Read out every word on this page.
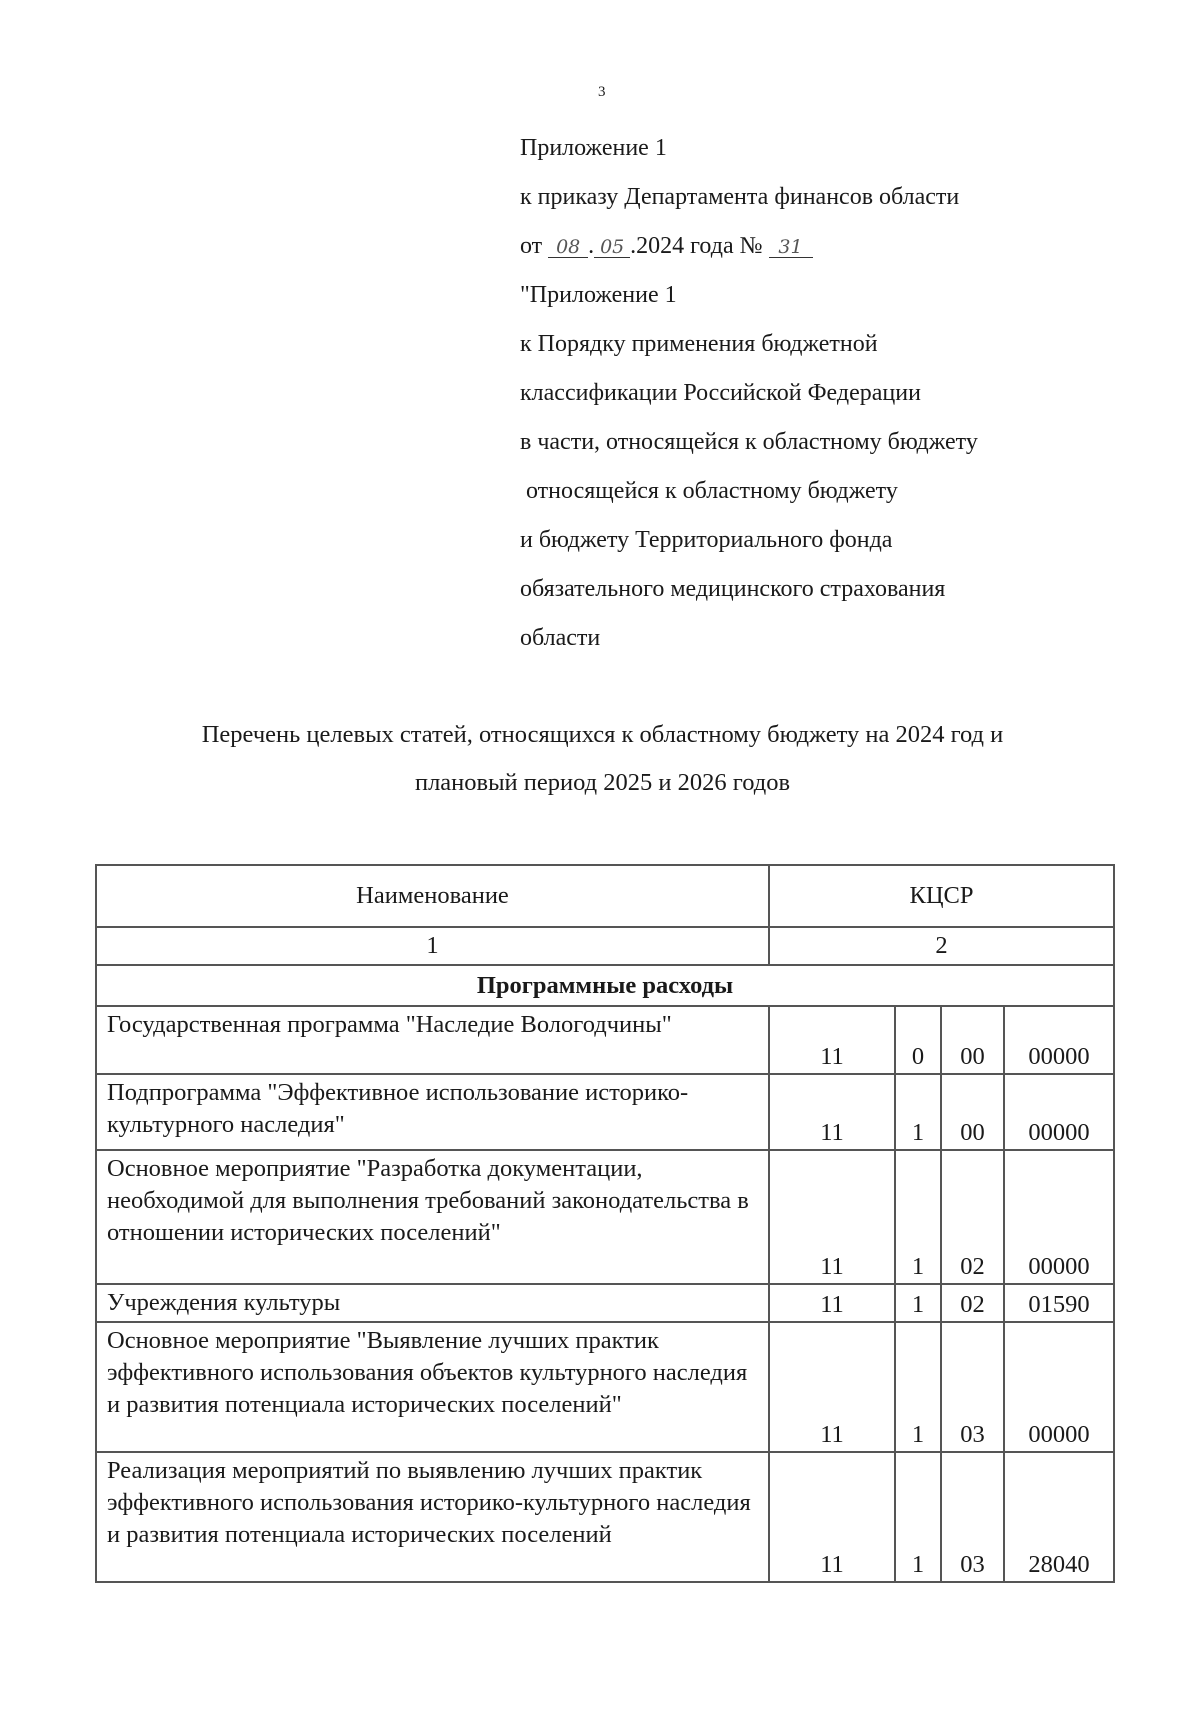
3
Приложение 1
к приказу Департамента финансов области
от 08 . 05 .2024 года № 31
"Приложение 1
к Порядку применения бюджетной
классификации Российской Федерации
в части, относящейся к областному бюджету
относящейся к областному бюджету
и бюджету Территориального фонда
обязательного медицинского страхования
области
Перечень целевых статей, относящихся к областному бюджету на 2024 год и
плановый период 2025 и 2026 годов
Наименование	КЦСР			
1	2			
Программные расходы				
Государственная программа "Наследие Вологодчины"	11	0	00	00000
Подпрограмма "Эффективное использование историко-культурного наследия"	11	1	00	00000
Основное мероприятие "Разработка документации, необходимой для выполнения требований законодательства в отношении исторических поселений"	11	1	02	00000
Учреждения культуры	11	1	02	01590
Основное мероприятие "Выявление лучших практик эффективного использования объектов культурного наследия и развития потенциала исторических поселений"	11	1	03	00000
Реализация мероприятий по выявлению лучших практик эффективного использования историко-культурного наследия и развития потенциала исторических поселений	11	1	03	28040
